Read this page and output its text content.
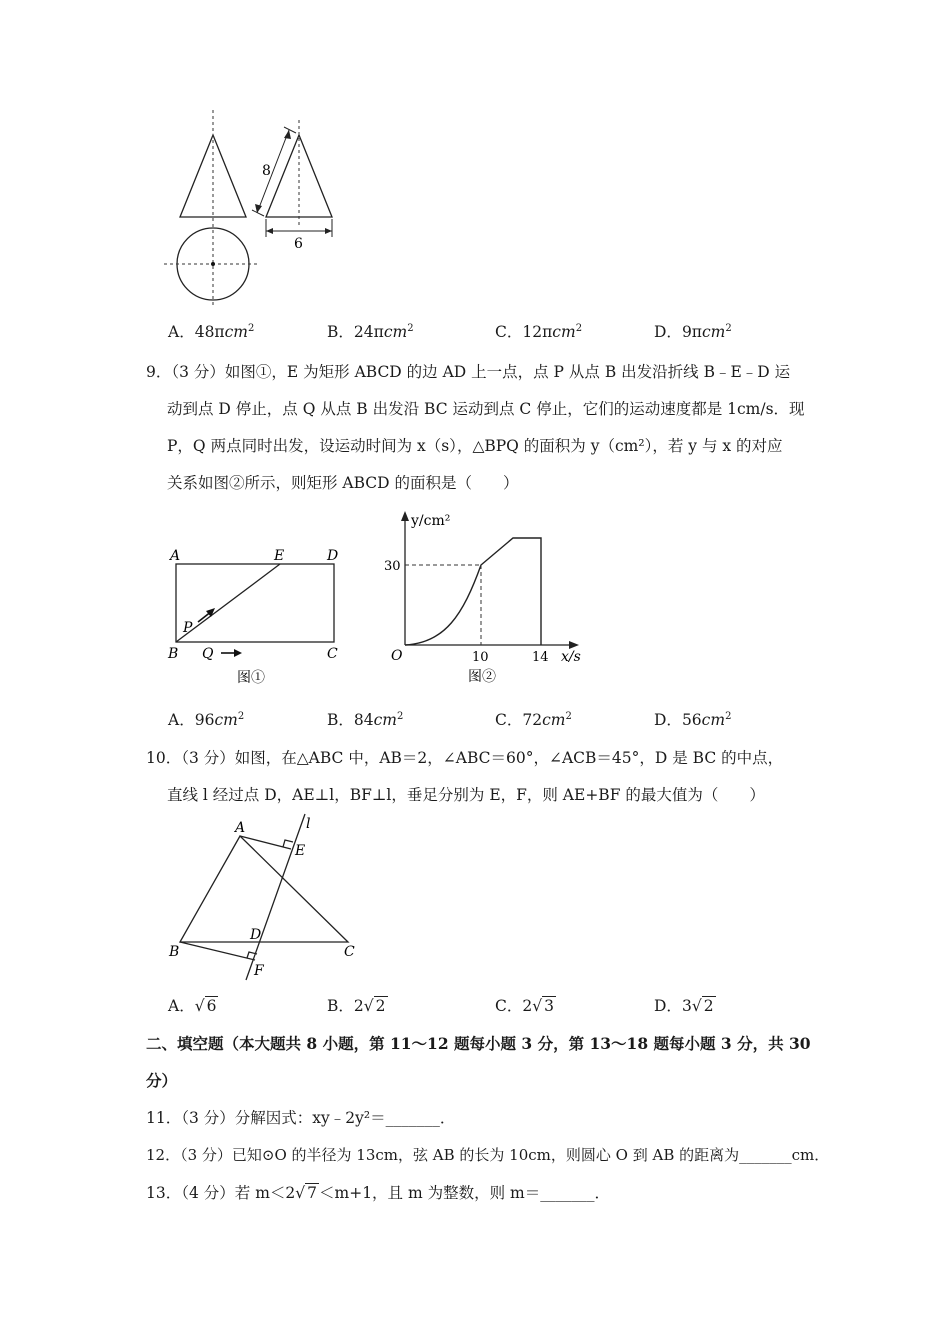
8
6
A．48πcm$^2$	B．24πcm$^2$	C．12πcm$^2$	D．9πcm$^2$
9．（3 分）如图①，E 为矩形 ABCD 的边 AD 上一点，点 P 从点 B 出发沿折线 B﹣E﹣D 运
动到点 D 停止，点 Q 从点 B 出发沿 BC 运动到点 C 停止，它们的运动速度都是 1cm/s．现
P，Q 两点同时出发，设运动时间为 x（s），△BPQ 的面积为 y（cm²），若 y 与 x 的对应
关系如图②所示，则矩形 ABCD 的面积是（　　）
A	E	D
B	C
P
Q
图①
y/cm²
x/s
O
30
10	14
图②
A．$96cm^2$	B．$84cm^2$	C．$72cm^2$	D．$56cm^2$
10．（3 分）如图，在△ABC 中，AB＝2，∠ABC＝60°，∠ACB＝45°，D 是 BC 的中点，
直线 l 经过点 D，AE⊥l，BF⊥l，垂足分别为 E，F，则 AE+BF 的最大值为（　　）
A
B	C
D
E
F
l
A．√ 6	B．2√ 2	C．2√ 3	D．3√ 2
二、填空题（本大题共 8 小题，第 11～12 题每小题 3 分，第 13～18 题每小题 3 分，共 30
分）
11．（3 分）分解因式：xy﹣2y²＝_______．
12．（3 分）已知⊙O 的半径为 13cm，弦 AB 的长为 10cm，则圆心 O 到 AB 的距离为_______cm．
13．（4 分）若 m＜2√ 7 ＜m+1，且 m 为整数，则 m＝_______．
